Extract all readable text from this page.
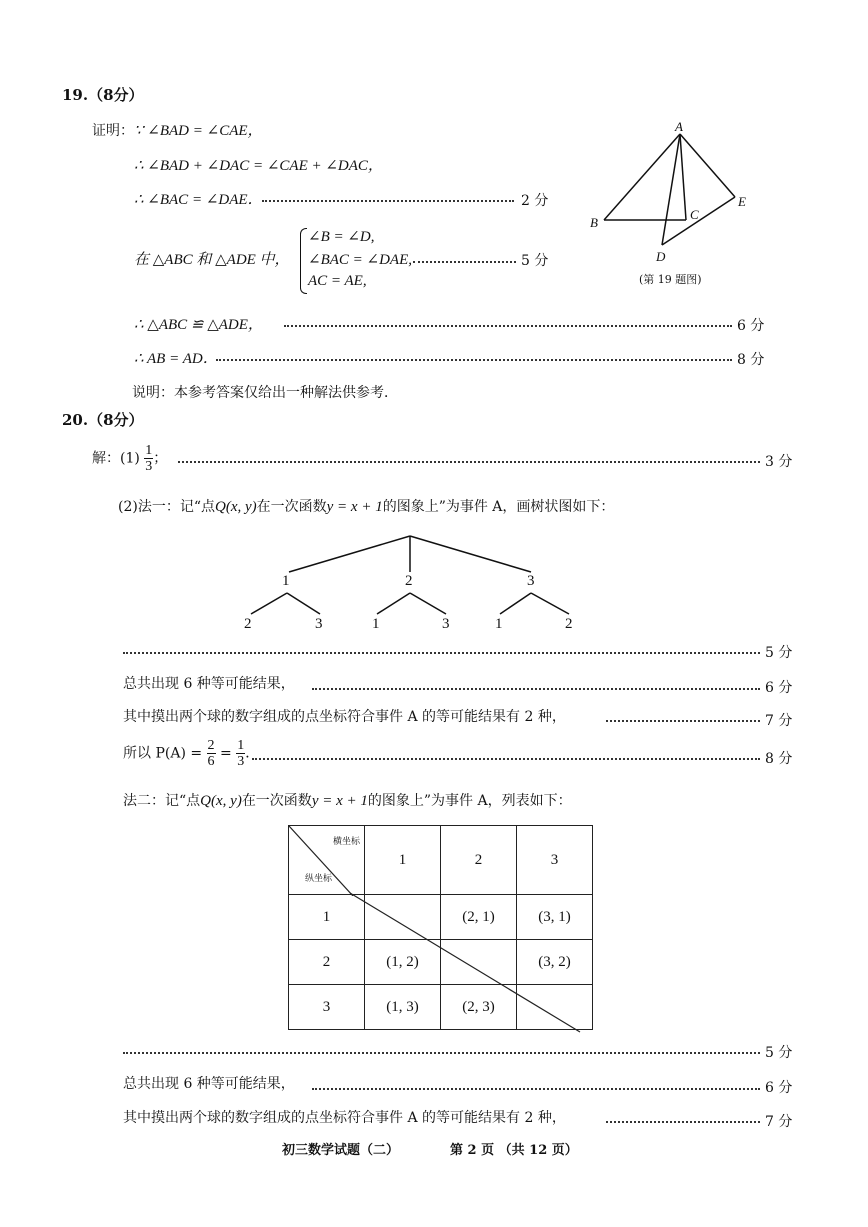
19.（8分）
证明：∵ ∠BAD = ∠CAE，
∴ ∠BAD + ∠DAC = ∠CAE + ∠DAC，
∴ ∠BAC = ∠DAE．	2 分
在 △ABC 和 △ADE 中，
∠B = ∠D,
∠BAC = ∠DAE,
AC = AE,
5 分
∴ △ABC ≌ △ADE，	6 分
∴ AB = AD．	8 分
说明：本参考答案仅给出一种解法供参考．
A
B
C
D
E
(第 19 题图)
20.（8分）
解：$(1) \frac{1}{3}$ ；	3 分
(2)法一：记“点Q(x, y)在一次函数y = x + 1的图象上”为事件 A，画树状图如下：
1	2	3
2	3	1	3	1	2
5 分
总共出现 6 种等可能结果，	6 分
其中摸出两个球的数字组成的点坐标符合事件 A 的等可能结果有 2 种，	7 分
所以 $P(A) = \frac{2}{6} = \frac{1}{3}$ ．	8 分
法二：记“点Q(x, y)在一次函数y = x + 1的图象上”为事件 A，列表如下：
横坐标
纵坐标	1	2	3
1		(2, 1)	(3, 1)
2	(1, 2)		(3, 2)
3	(1, 3)	(2, 3)	
5 分
总共出现 6 种等可能结果，	6 分
其中摸出两个球的数字组成的点坐标符合事件 A 的等可能结果有 2 种，	7 分
初三数学试题（二）	第 2 页 （共 12 页）
